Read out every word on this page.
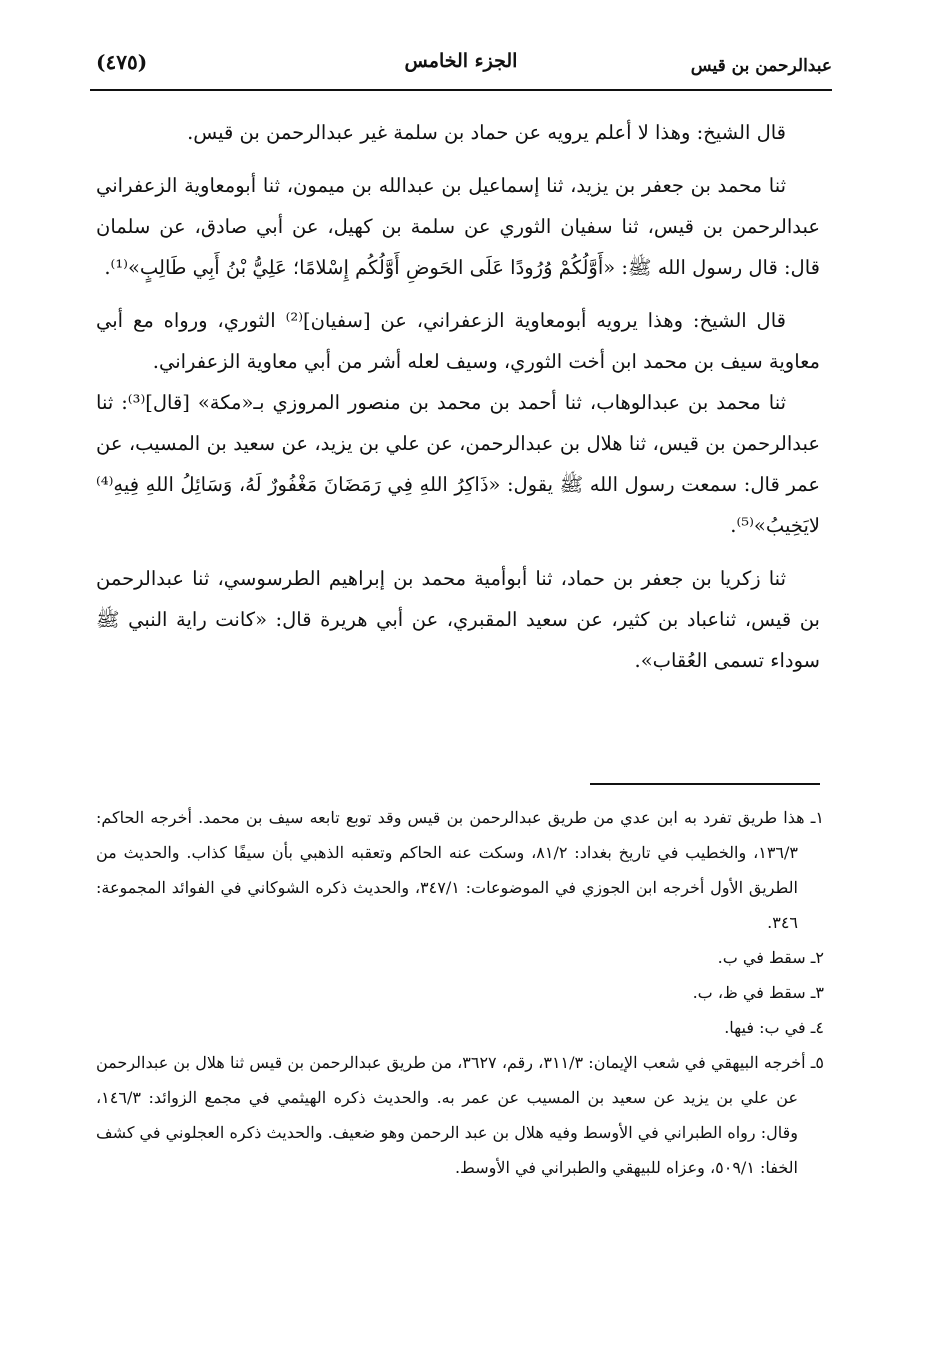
عبدالرحمن بن قيس
الجزء الخامس
(٤٧٥)

قال الشيخ: وهذا لا أعلم يرويه عن حماد بن سلمة غير عبدالرحمن بن قيس.

ثنا محمد بن جعفر بن يزيد، ثنا إسماعيل بن عبدالله بن ميمون، ثنا أبومعاوية الزعفراني عبدالرحمن بن قيس، ثنا سفيان الثوري عن سلمة بن كهيل، عن أبي صادق، عن سلمان قال: قال رسول الله ﷺ: «أَوَّلُكُمْ وُرُودًا عَلَى الحَوضِ أَوَّلُكُم إِسْلامًا؛ عَلِيُّ بْنُ أَبِي طَالِبٍ»⁽¹⁾.

قال الشيخ: وهذا يرويه أبومعاوية الزعفراني، عن [سفيان]⁽²⁾ الثوري، ورواه مع أبي معاوية سيف بن محمد ابن أخت الثوري، وسيف لعله أشر من أبي معاوية الزعفراني.

ثنا محمد بن عبدالوهاب، ثنا أحمد بن محمد بن منصور المروزي بـ«مكة» [قال]⁽³⁾: ثنا عبدالرحمن بن قيس، ثنا هلال بن عبدالرحمن، عن علي بن يزيد، عن سعيد بن المسيب، عن عمر قال: سمعت رسول الله ﷺ يقول: «ذَاكِرُ اللهِ فِي رَمَضَانَ مَغْفُورٌ لَهُ، وَسَائِلُ اللهِ فِيهِ⁽⁴⁾ لايَخِيبُ»⁽⁵⁾.

ثنا زكريا بن جعفر بن حماد، ثنا أبوأمية محمد بن إبراهيم الطرسوسي، ثنا عبدالرحمن بن قيس، ثناعباد بن كثير، عن سعيد المقبري، عن أبي هريرة قال: «كانت راية النبي ﷺ سوداء تسمى العُقاب».

١ـ هذا طريق تفرد به ابن عدي من طريق عبدالرحمن بن قيس وقد توبع تابعه سيف بن محمد. أخرجه الحاكم: ١٣٦/٣، والخطيب في تاريخ بغداد: ٨١/٢، وسكت عنه الحاكم وتعقبه الذهبي بأن سيفًا كذاب. والحديث من الطريق الأول أخرجه ابن الجوزي في الموضوعات: ٣٤٧/١، والحديث ذكره الشوكاني في الفوائد المجموعة: ٣٤٦.

٢ـ سقط في ب.

٣ـ سقط في ظ، ب.

٤ـ في ب: فيها.

٥ـ أخرجه البيهقي في شعب الإيمان: ٣١١/٣، رقم، ٣٦٢٧، من طريق عبدالرحمن بن قيس ثنا هلال بن عبدالرحمن عن علي بن يزيد عن سعيد بن المسيب عن عمر به. والحديث ذكره الهيثمي في مجمع الزوائد: ١٤٦/٣، وقال: رواه الطبراني في الأوسط وفيه هلال بن عبد الرحمن وهو ضعيف. والحديث ذكره العجلوني في كشف الخفا: ٥٠٩/١، وعزاه للبيهقي والطبراني في الأوسط.
